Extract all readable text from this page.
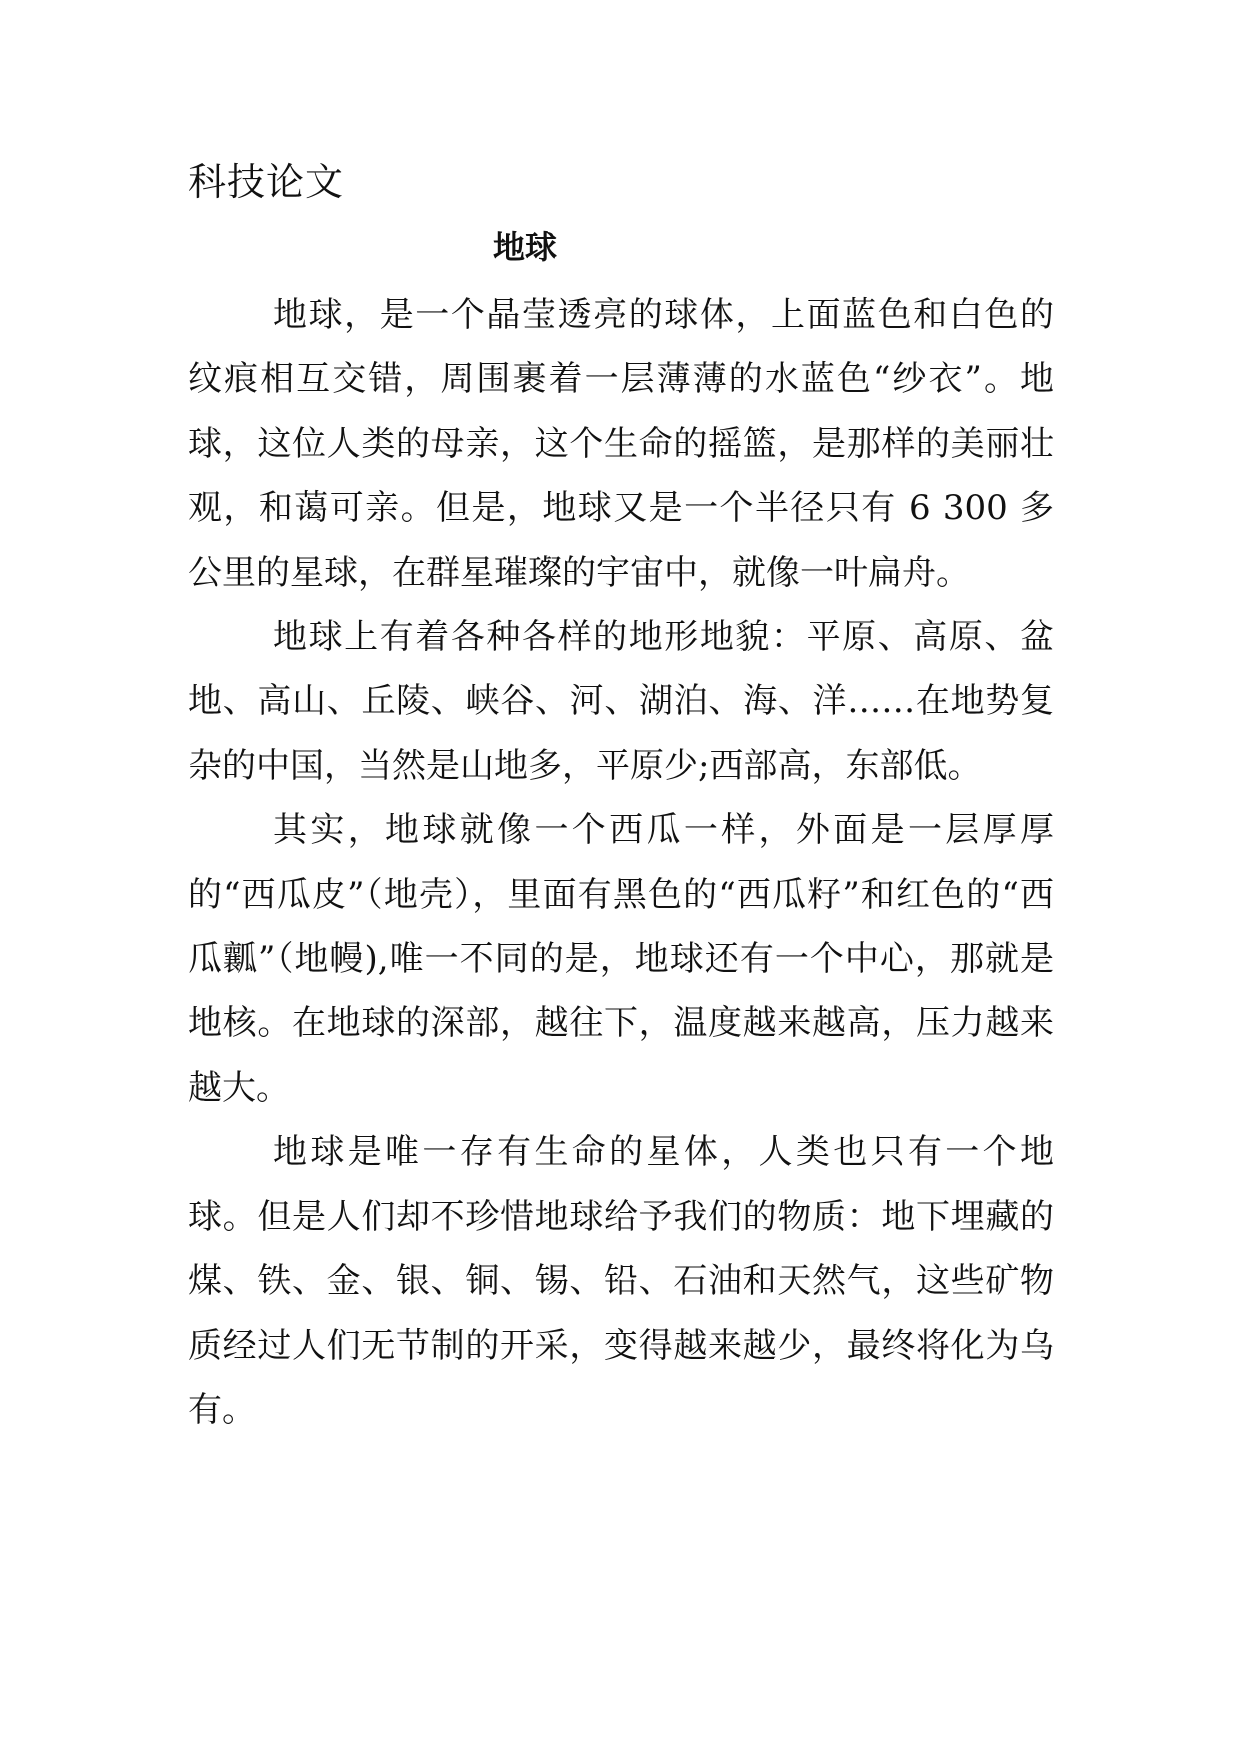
科技论文
地球

地球，是一个晶莹透亮的球体，上面蓝色和白色的纹痕相互交错，周围裹着一层薄薄的水蓝色“纱衣”。地球，这位人类的母亲，这个生命的摇篮，是那样的美丽壮观，和蔼可亲。但是，地球又是一个半径只有 6 300 多公里的星球，在群星璀璨的宇宙中，就像一叶扁舟。

地球上有着各种各样的地形地貌：平原、高原、盆地、高山、丘陵、峡谷、河、湖泊、海、洋……在地势复杂的中国，当然是山地多，平原少;西部高，东部低。

其实，地球就像一个西瓜一样，外面是一层厚厚的“西瓜皮”（地壳），里面有黑色的“西瓜籽”和红色的“西瓜瓤”（地幔),唯一不同的是，地球还有一个中心，那就是地核。在地球的深部，越往下，温度越来越高，压力越来越大。

地球是唯一存有生命的星体，人类也只有一个地球。但是人们却不珍惜地球给予我们的物质：地下埋藏的煤、铁、金、银、铜、锡、铅、石油和天然气，这些矿物质经过人们无节制的开采，变得越来越少，最终将化为乌有。
